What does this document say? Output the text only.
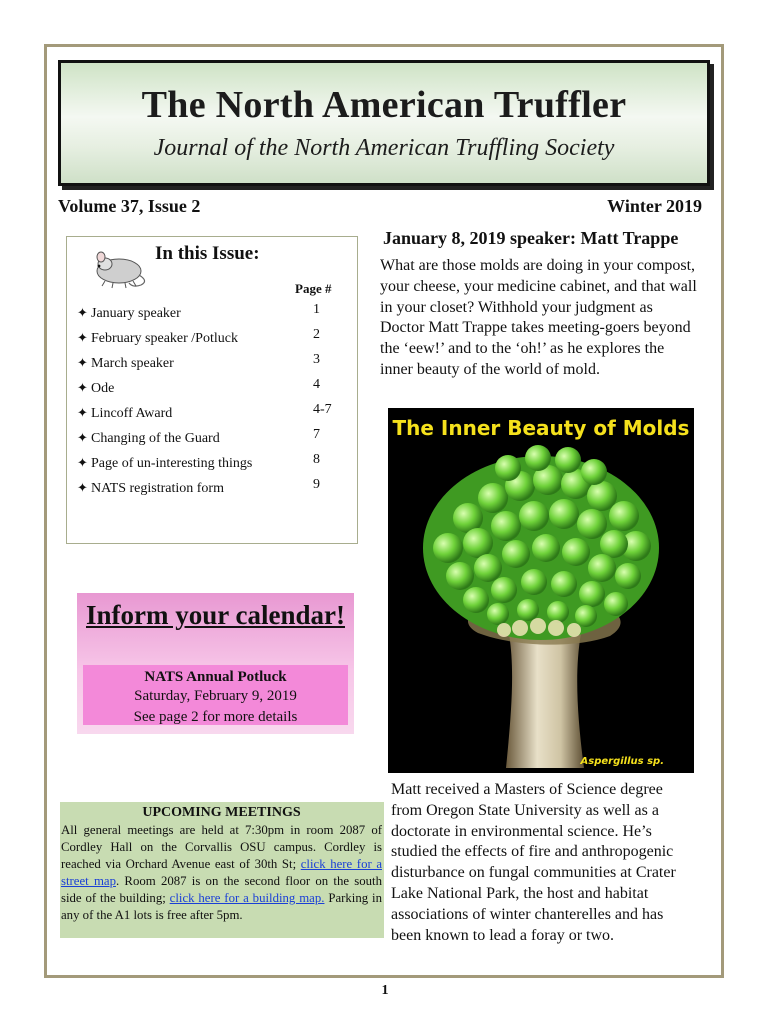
The North American Truffler
Journal of the North American Truffling Society
Volume 37, Issue 2	Winter 2019
In this Issue:
Page #
✦ January speaker	1
✦ February speaker /Potluck	2
✦ March speaker	3
✦ Ode	4
✦ Lincoff Award	4-7
✦ Changing of the Guard	7
✦ Page of un-interesting things	8
✦ NATS registration form	9
Inform your calendar!
NATS Annual Potluck
Saturday, February 9, 2019
See page 2 for more details
UPCOMING MEETINGS
All general meetings are held at 7:30pm in room 2087 of Cordley Hall on the Corvallis OSU campus. Cordley is reached via Orchard Avenue east of 30th St; click here for a street map. Room 2087 is on the second floor on the south side of the building; click here for a building map. Parking in any of the A1 lots is free after 5pm.
January 8, 2019 speaker: Matt Trappe
What are those molds are doing in your compost, your cheese, your medicine cabinet, and that wall in your closet? Withhold your judgment as Doctor Matt Trappe takes meeting-goers beyond the ‘eew!’ and to the ‘oh!’ as he explores the inner beauty of the world of mold.
The Inner Beauty of Molds
Aspergillus sp.
Matt received a Masters of Science degree from Oregon State University as well as a doctorate in environmental science. He’s studied the effects of fire and anthropogenic disturbance on fungal communities at Crater Lake National Park, the host and habitat associations of winter chanterelles and has been known to lead a foray or two.
1
